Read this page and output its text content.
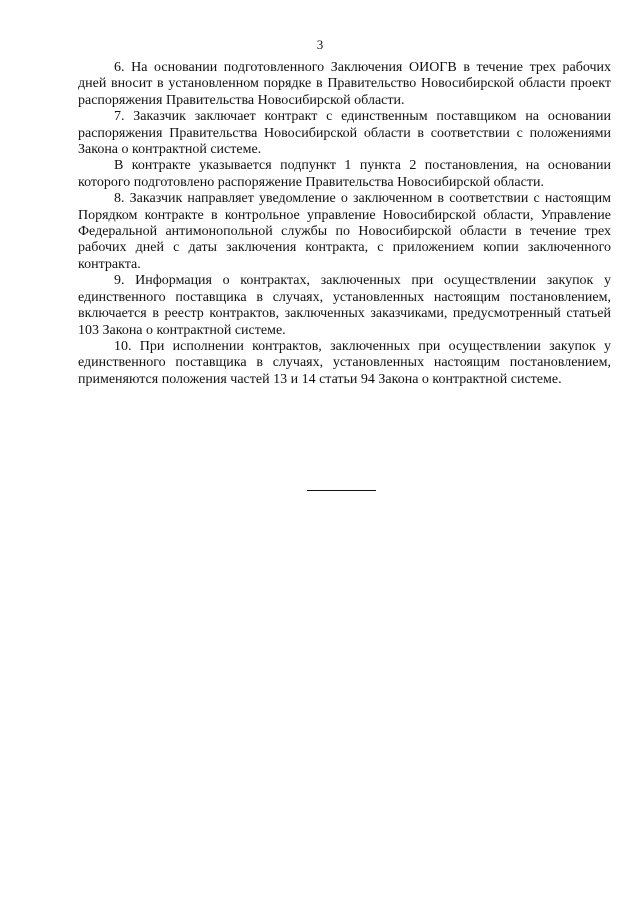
3

6. На основании подготовленного Заключения ОИОГВ в течение трех рабочих дней вносит в установленном порядке в Правительство Новосибирской области проект распоряжения Правительства Новосибирской области.

7. Заказчик заключает контракт с единственным поставщиком на основании распоряжения Правительства Новосибирской области в соответствии с положениями Закона о контрактной системе.

В контракте указывается подпункт 1 пункта 2 постановления, на основании которого подготовлено распоряжение Правительства Новосибирской области.

8. Заказчик направляет уведомление о заключенном в соответствии с настоящим Порядком контракте в контрольное управление Новосибирской области, Управление Федеральной антимонопольной службы по Новосибирской области в течение трех рабочих дней с даты заключения контракта, с приложением копии заключенного контракта.

9. Информация о контрактах, заключенных при осуществлении закупок у единственного поставщика в случаях, установленных настоящим постановлением, включается в реестр контрактов, заключенных заказчиками, предусмотренный статьей 103 Закона о контрактной системе.

10. При исполнении контрактов, заключенных при осуществлении закупок у единственного поставщика в случаях, установленных настоящим постановлением, применяются положения частей 13 и 14 статьи 94 Закона о контрактной системе.
